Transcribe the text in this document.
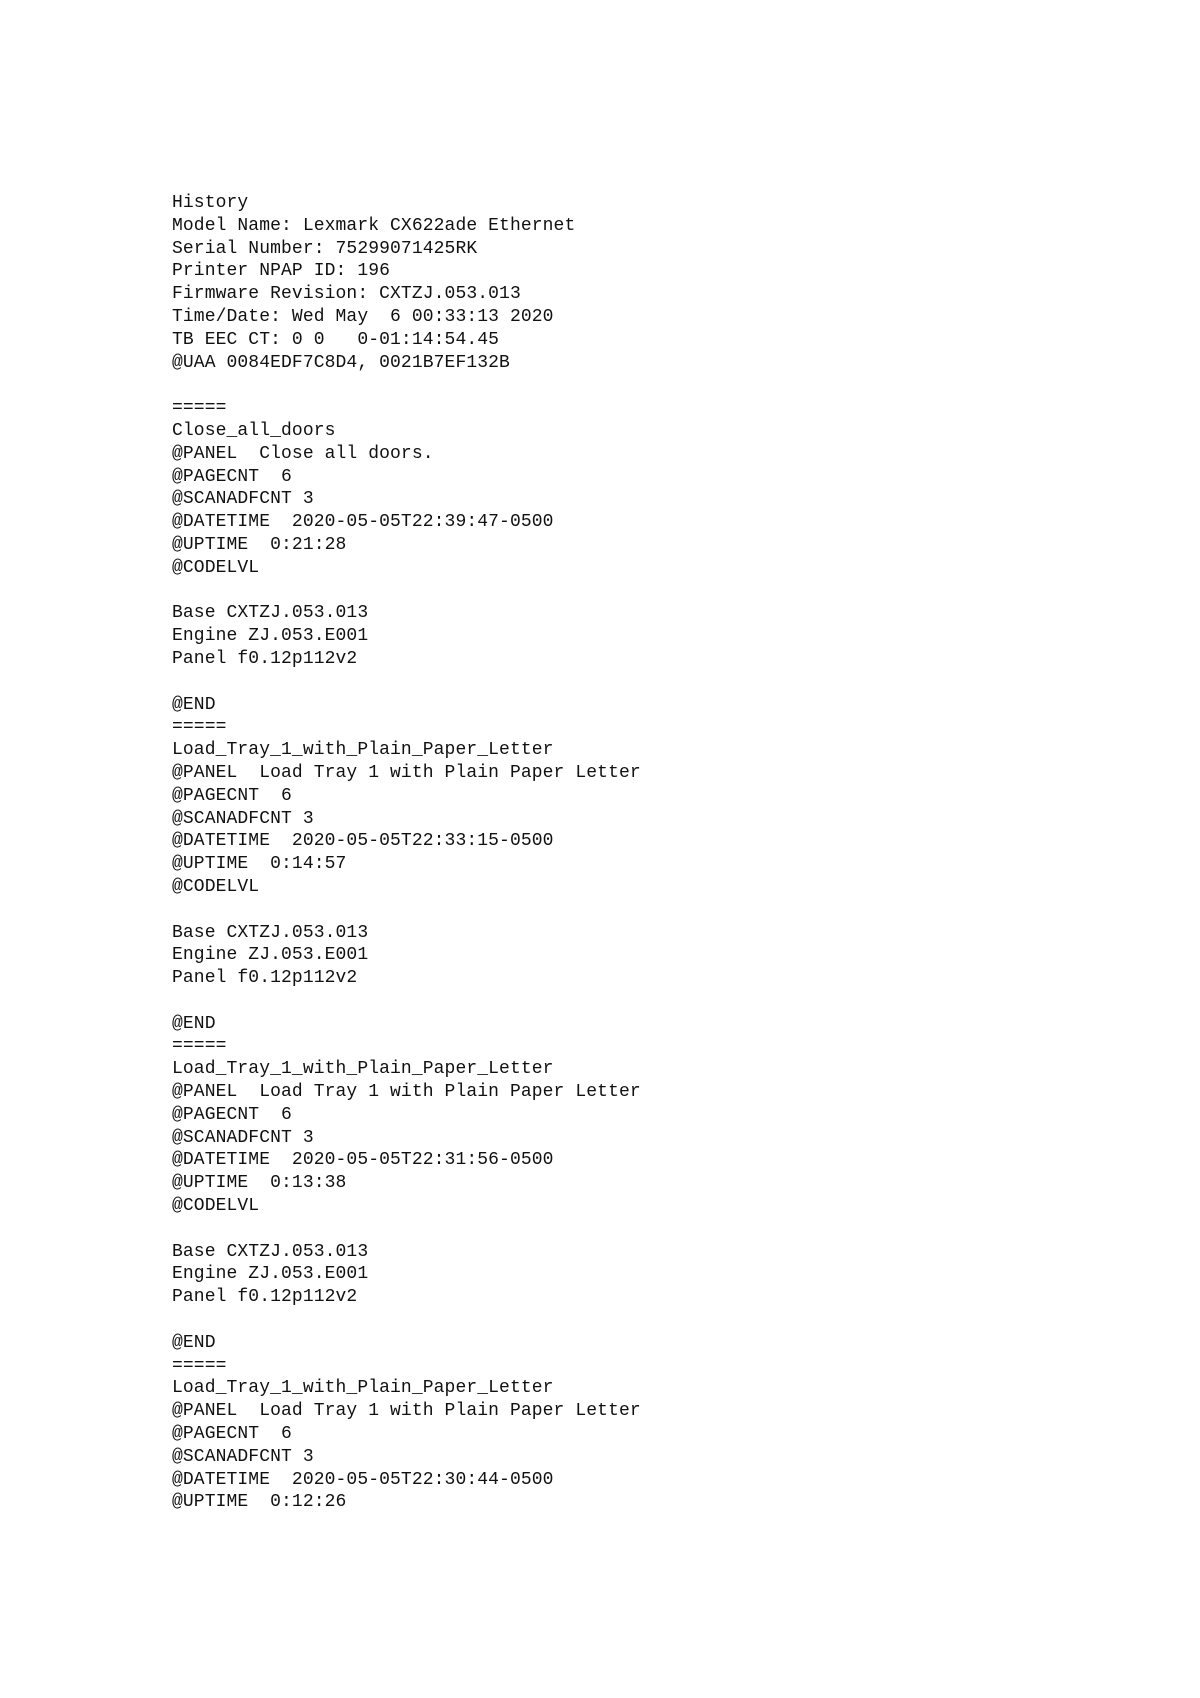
History
Model Name: Lexmark CX622ade Ethernet
Serial Number: 75299071425RK
Printer NPAP ID: 196
Firmware Revision: CXTZJ.053.013
Time/Date: Wed May  6 00:33:13 2020
TB EEC CT: 0 0   0-01:14:54.45
@UAA 0084EDF7C8D4, 0021B7EF132B
=====
Close_all_doors
@PANEL  Close all doors.
@PAGECNT  6
@SCANADFCNT 3
@DATETIME  2020-05-05T22:39:47-0500
@UPTIME  0:21:28
@CODELVL
Base CXTZJ.053.013
Engine ZJ.053.E001
Panel f0.12p112v2
@END
=====
Load_Tray_1_with_Plain_Paper_Letter
@PANEL  Load Tray 1 with Plain Paper Letter
@PAGECNT  6
@SCANADFCNT 3
@DATETIME  2020-05-05T22:33:15-0500
@UPTIME  0:14:57
@CODELVL
Base CXTZJ.053.013
Engine ZJ.053.E001
Panel f0.12p112v2
@END
=====
Load_Tray_1_with_Plain_Paper_Letter
@PANEL  Load Tray 1 with Plain Paper Letter
@PAGECNT  6
@SCANADFCNT 3
@DATETIME  2020-05-05T22:31:56-0500
@UPTIME  0:13:38
@CODELVL
Base CXTZJ.053.013
Engine ZJ.053.E001
Panel f0.12p112v2
@END
=====
Load_Tray_1_with_Plain_Paper_Letter
@PANEL  Load Tray 1 with Plain Paper Letter
@PAGECNT  6
@SCANADFCNT 3
@DATETIME  2020-05-05T22:30:44-0500
@UPTIME  0:12:26
